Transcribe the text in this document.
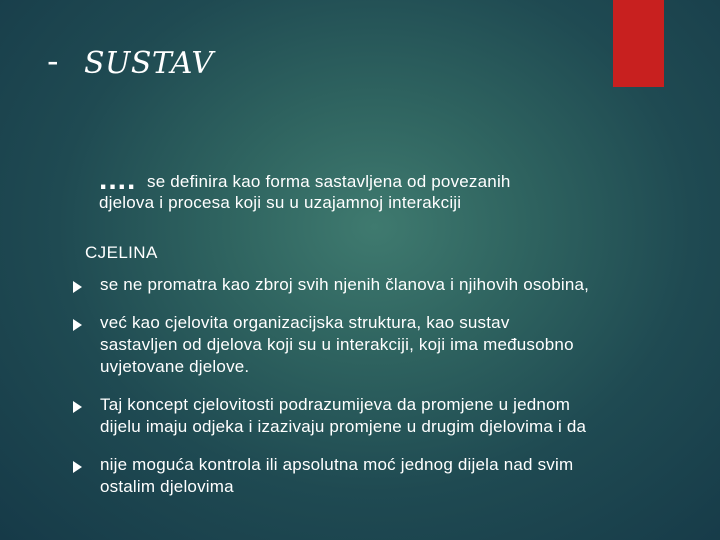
- SUSTAV
.... se definira kao forma sastavljena od povezanih
djelova i procesa koji su u uzajamnoj interakciji
CJELINA
se ne promatra kao zbroj svih njenih članova i njihovih osobina,
već kao cjelovita organizacijska struktura, kao sustav sastavljen od djelova koji su u interakciji, koji ima međusobno uvjetovane djelove.
Taj koncept cjelovitosti podrazumijeva da promjene u jednom dijelu imaju odjeka i izazivaju promjene u drugim djelovima i da
nije moguća kontrola ili apsolutna moć jednog dijela nad svim ostalim djelovima
